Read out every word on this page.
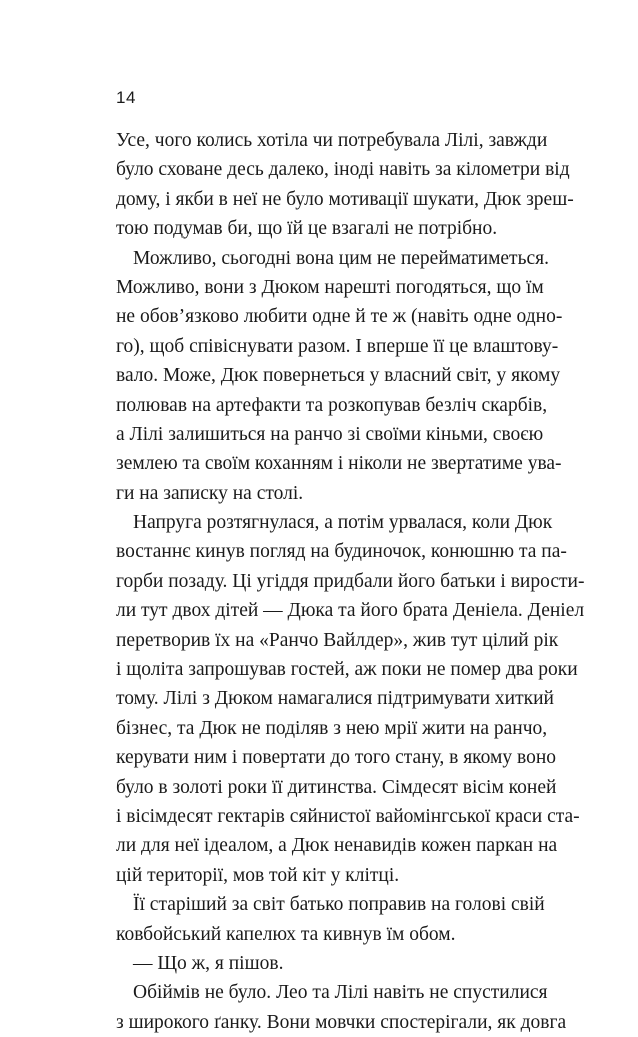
14
Усе, чого колись хотіла чи потребувала Лілі, завжди
було сховане десь далеко, іноді навіть за кілометри від
дому, і якби в неї не було мотивації шукати, Дюк зреш-
тою подумав би, що їй це взагалі не потрібно.
Можливо, сьогодні вона цим не перейматиметься.
Можливо, вони з Дюком нарешті погодяться, що їм
не обов’язково любити одне й те ж (навіть одне одно-
го), щоб співіснувати разом. І вперше її це влаштову-
вало. Може, Дюк повернеться у власний світ, у якому
полював на артефакти та розкопував безліч скарбів,
а Лілі залишиться на ранчо зі своїми кіньми, своєю
землею та своїм коханням і ніколи не звертатиме ува-
ги на записку на столі.
Напруга розтягнулася, а потім урвалася, коли Дюк
востаннє кинув погляд на будиночок, конюшню та па-
горби позаду. Ці угіддя придбали його батьки і вирости-
ли тут двох дітей — Дюка та його брата Деніела. Деніел
перетворив їх на «Ранчо Вайлдер», жив тут цілий рік
і щоліта запрошував гостей, аж поки не помер два роки
тому. Лілі з Дюком намагалися підтримувати хиткий
бізнес, та Дюк не поділяв з нею мрії жити на ранчо,
керувати ним і повертати до того стану, в якому воно
було в золоті роки її дитинства. Сімдесят вісім коней
і вісімдесят гектарів сяйнистої вайомінгської краси ста-
ли для неї ідеалом, а Дюк ненавидів кожен паркан на
цій території, мов той кіт у клітці.
Її старіший за світ батько поправив на голові свій
ковбойський капелюх та кивнув їм обом.
— Що ж, я пішов.
Обіймів не було. Лео та Лілі навіть не спустилися
з широкого ґанку. Вони мовчки спостерігали, як довга
